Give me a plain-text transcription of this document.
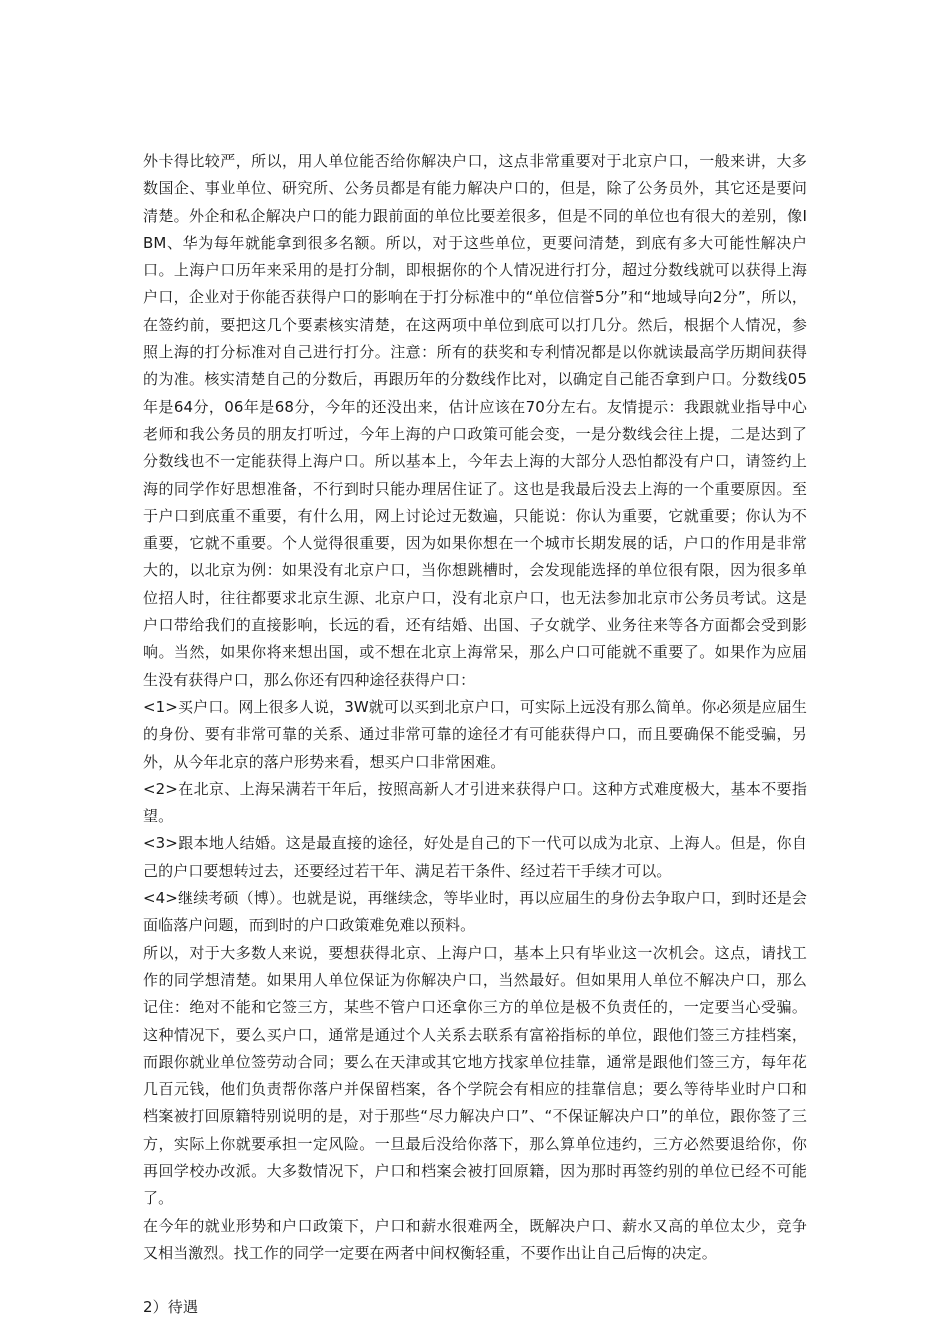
外卡得比较严，所以，用人单位能否给你解决户口，这点非常重要对于北京户口，一般来讲，大多数国企、事业单位、研究所、公务员都是有能力解决户口的，但是，除了公务员外，其它还是要问清楚。外企和私企解决户口的能力跟前面的单位比要差很多，但是不同的单位也有很大的差别，像IBM、华为每年就能拿到很多名额。所以，对于这些单位，更要问清楚，到底有多大可能性解决户口。上海户口历年来采用的是打分制，即根据你的个人情况进行打分，超过分数线就可以获得上海户口，企业对于你能否获得户口的影响在于打分标准中的“单位信誉5分”和“地域导向2分”，所以，在签约前，要把这几个要素核实清楚，在这两项中单位到底可以打几分。然后，根据个人情况，参照上海的打分标准对自己进行打分。注意：所有的获奖和专利情况都是以你就读最高学历期间获得的为准。核实清楚自己的分数后，再跟历年的分数线作比对，以确定自己能否拿到户口。分数线05年是64分，06年是68分，今年的还没出来，估计应该在70分左右。友情提示：我跟就业指导中心老师和我公务员的朋友打听过，今年上海的户口政策可能会变，一是分数线会往上提，二是达到了分数线也不一定能获得上海户口。所以基本上，今年去上海的大部分人恐怕都没有户口，请签约上海的同学作好思想准备，不行到时只能办理居住证了。这也是我最后没去上海的一个重要原因。至于户口到底重不重要，有什么用，网上讨论过无数遍，只能说：你认为重要，它就重要；你认为不重要，它就不重要。个人觉得很重要，因为如果你想在一个城市长期发展的话，户口的作用是非常大的，以北京为例：如果没有北京户口，当你想跳槽时，会发现能选择的单位很有限，因为很多单位招人时，往往都要求北京生源、北京户口，没有北京户口，也无法参加北京市公务员考试。这是户口带给我们的直接影响，长远的看，还有结婚、出国、子女就学、业务往来等各方面都会受到影响。当然，如果你将来想出国，或不想在北京上海常呆，那么户口可能就不重要了。如果作为应届生没有获得户口，那么你还有四种途径获得户口：

<1>买户口。网上很多人说，3W就可以买到北京户口，可实际上远没有那么简单。你必须是应届生的身份、要有非常可靠的关系、通过非常可靠的途径才有可能获得户口，而且要确保不能受骗，另外，从今年北京的落户形势来看，想买户口非常困难。

<2>在北京、上海呆满若干年后，按照高新人才引进来获得户口。这种方式难度极大，基本不要指望。

<3>跟本地人结婚。这是最直接的途径，好处是自己的下一代可以成为北京、上海人。但是，你自己的户口要想转过去，还要经过若干年、满足若干条件、经过若干手续才可以。

<4>继续考硕（博）。也就是说，再继续念，等毕业时，再以应届生的身份去争取户口，到时还是会面临落户问题，而到时的户口政策难免难以预料。

所以，对于大多数人来说，要想获得北京、上海户口，基本上只有毕业这一次机会。这点，请找工作的同学想清楚。如果用人单位保证为你解决户口，当然最好。但如果用人单位不解决户口，那么记住：绝对不能和它签三方，某些不管户口还拿你三方的单位是极不负责任的，一定要当心受骗。这种情况下，要么买户口，通常是通过个人关系去联系有富裕指标的单位，跟他们签三方挂档案，而跟你就业单位签劳动合同；要么在天津或其它地方找家单位挂靠，通常是跟他们签三方，每年花几百元钱，他们负责帮你落户并保留档案，各个学院会有相应的挂靠信息；要么等待毕业时户口和档案被打回原籍特别说明的是，对于那些“尽力解决户口”、“不保证解决户口”的单位，跟你签了三方，实际上你就要承担一定风险。一旦最后没给你落下，那么算单位违约，三方必然要退给你，你再回学校办改派。大多数情况下，户口和档案会被打回原籍，因为那时再签约别的单位已经不可能了。

在今年的就业形势和户口政策下，户口和薪水很难两全，既解决户口、薪水又高的单位太少，竞争又相当激烈。找工作的同学一定要在两者中间权衡轻重，不要作出让自己后悔的决定。

2）待遇
